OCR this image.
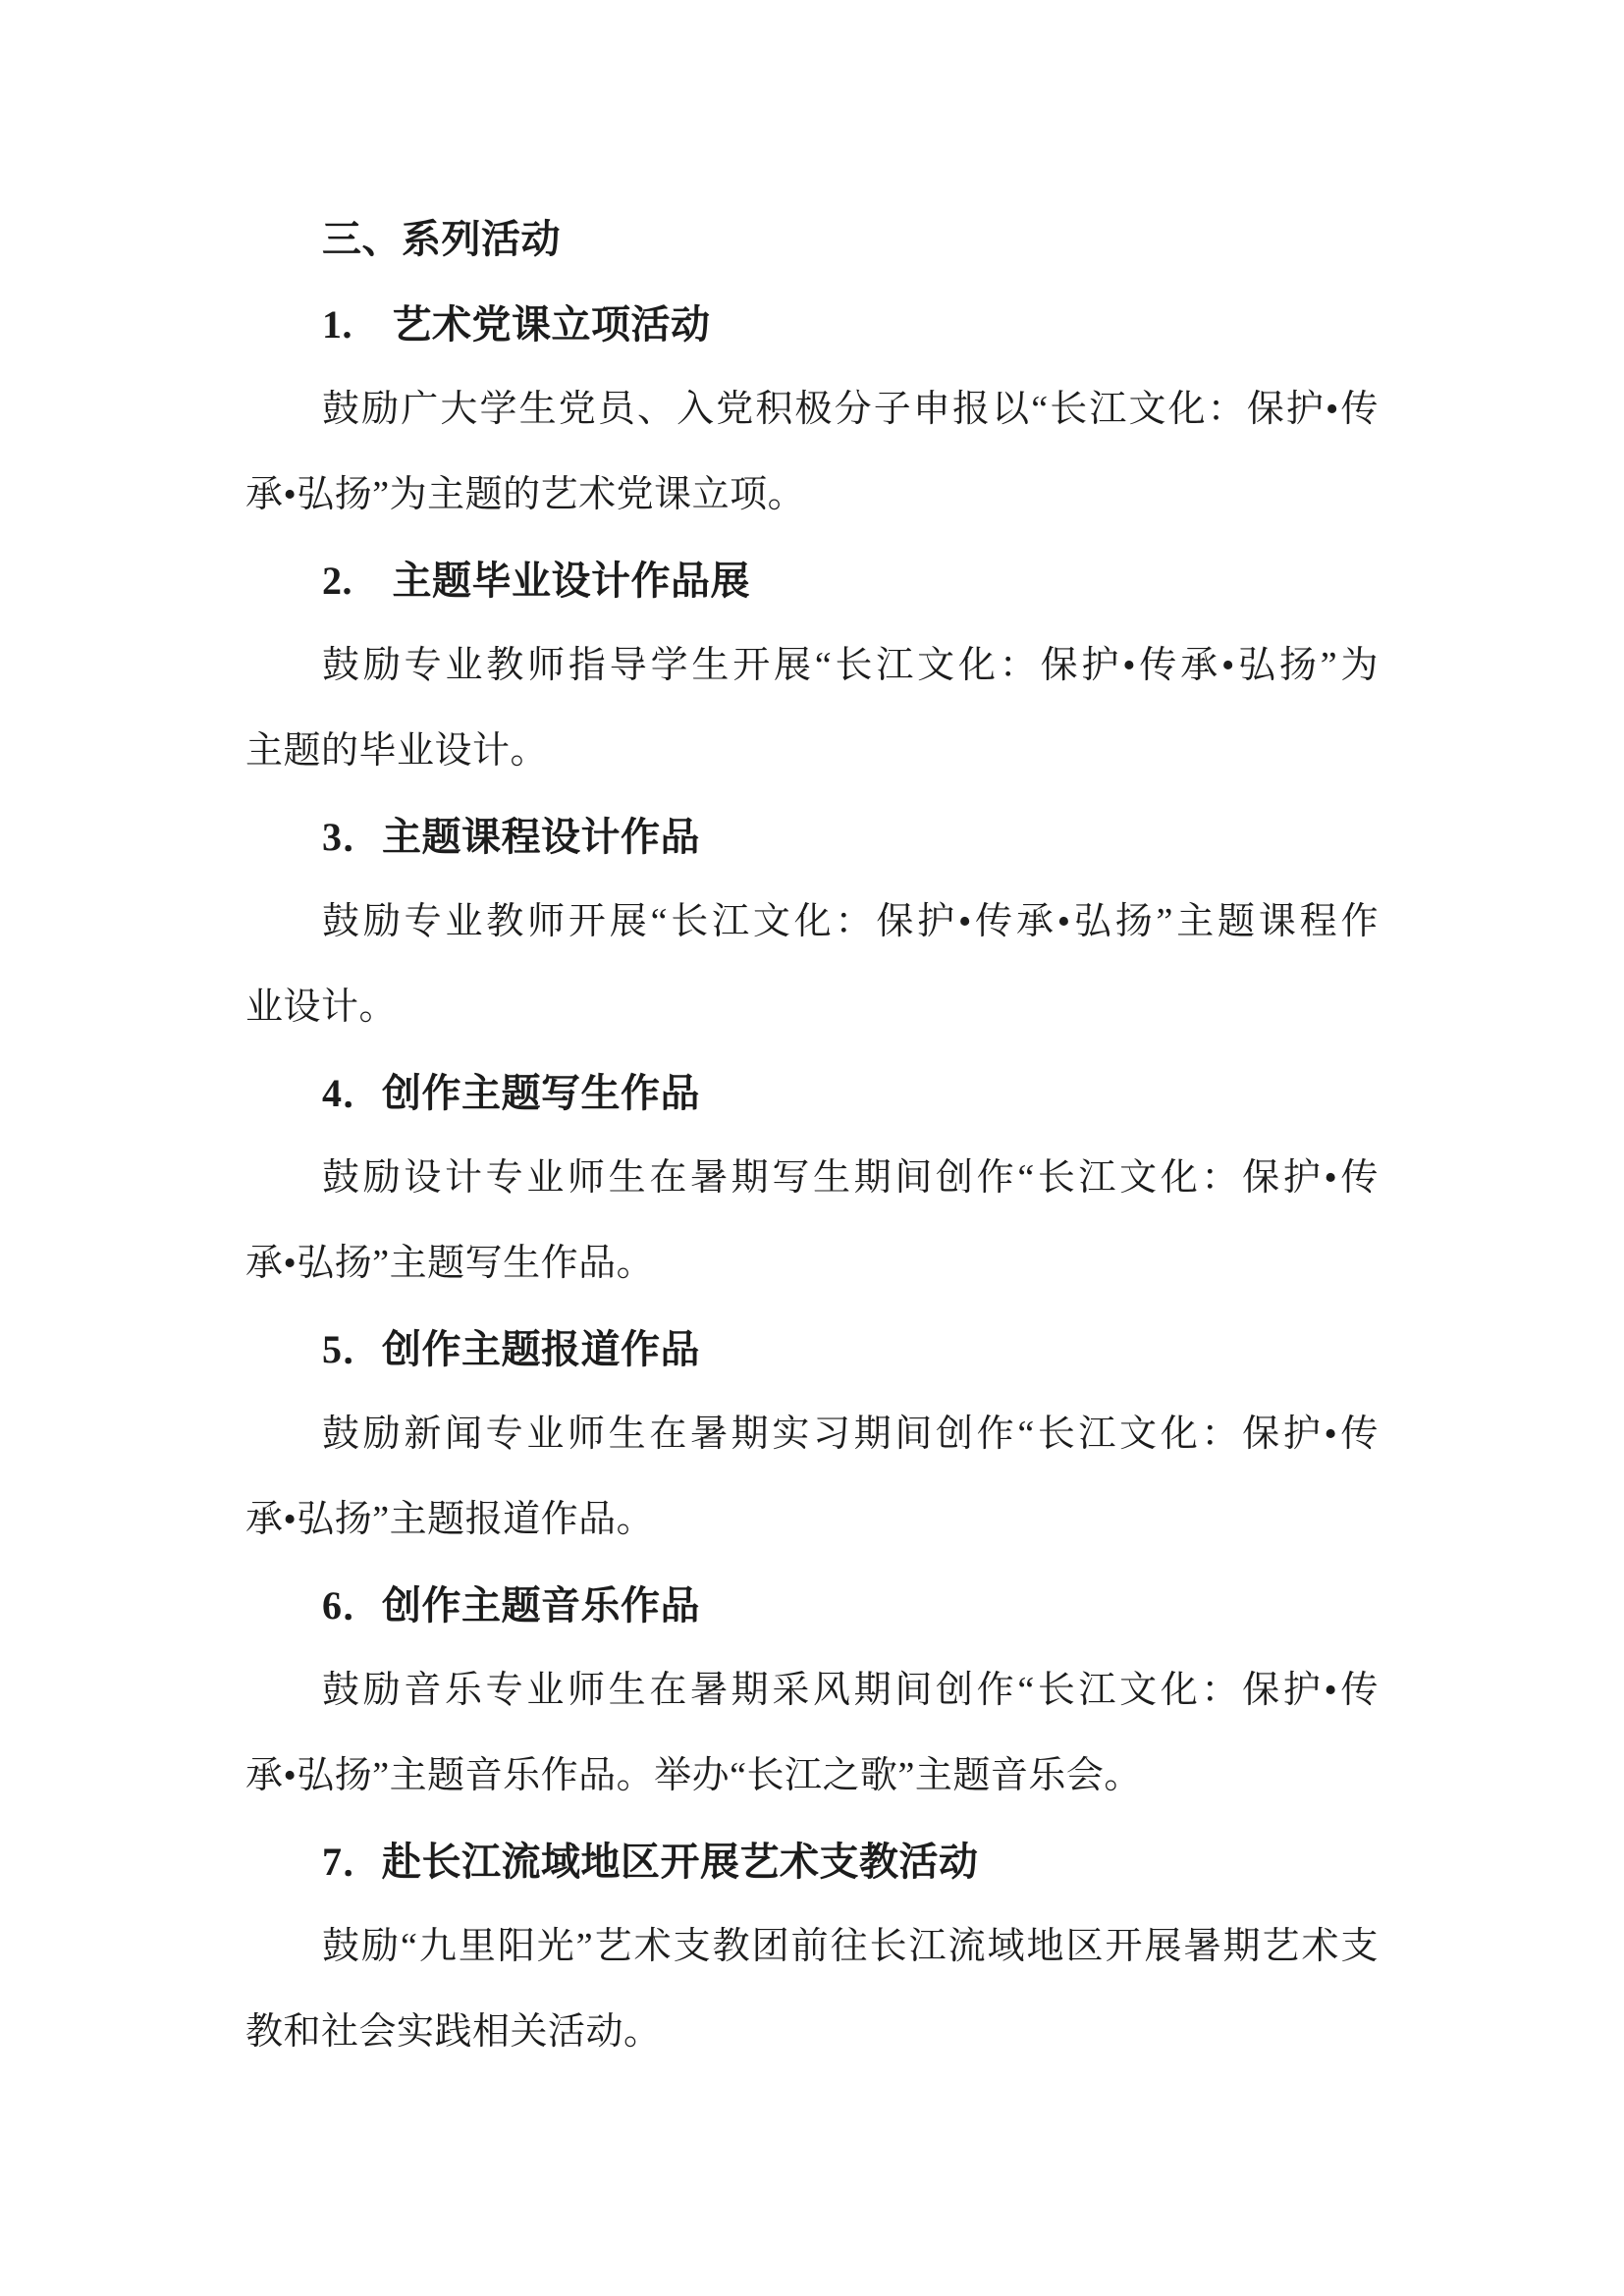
三、系列活动
1.　艺术党课立项活动
鼓励广大学生党员、入党积极分子申报以“长江文化：保护•传
承•弘扬”为主题的艺术党课立项。
2.　主题毕业设计作品展
鼓励专业教师指导学生开展“长江文化：保护•传承•弘扬”为
主题的毕业设计。
3．主题课程设计作品
鼓励专业教师开展“长江文化：保护•传承•弘扬”主题课程作
业设计。
4．创作主题写生作品
鼓励设计专业师生在暑期写生期间创作“长江文化：保护•传
承•弘扬”主题写生作品。
5．创作主题报道作品
鼓励新闻专业师生在暑期实习期间创作“长江文化：保护•传
承•弘扬”主题报道作品。
6．创作主题音乐作品
鼓励音乐专业师生在暑期采风期间创作“长江文化：保护•传
承•弘扬”主题音乐作品。举办“长江之歌”主题音乐会。
7．赴长江流域地区开展艺术支教活动
鼓励“九里阳光”艺术支教团前往长江流域地区开展暑期艺术支
教和社会实践相关活动。
